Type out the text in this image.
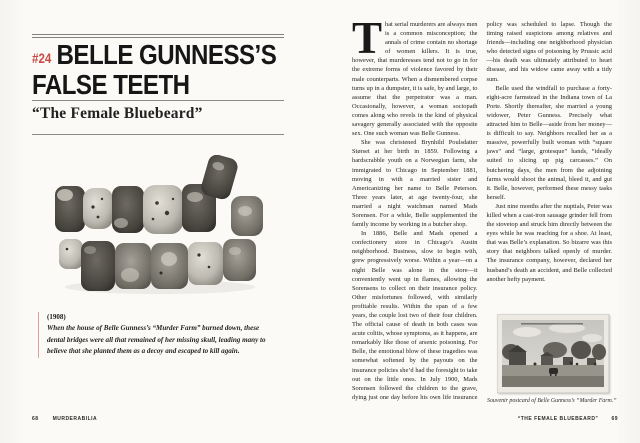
#24 BELLE GUNNESS’S
FALSE TEETH

“The Female Bluebeard”

(1908)
When the house of Belle Gunness’s “Murder Farm” burned down, these dental bridges were all that remained of her missing skull, leading many to believe that she planted them as a decoy and escaped to kill again.
68	MURDERABILIA

That serial murderers are always men is a common misconception; the annals of crime contain no shortage of women killers. It is true, however, that murderesses tend not to go in for the extreme forms of violence favored by their male counterparts. When a dismembered corpse turns up in a dumpster, it is safe, by and large, to assume that the perpetrator was a man. Occasionally, however, a woman sociopath comes along who revels in the kind of physical savagery generally associated with the opposite sex. One such woman was Belle Gunness.

She was christened Brynhild Poulsdatter Størset at her birth in 1859. Following a hardscrabble youth on a Norwegian farm, she immigrated to Chicago in September 1881, moving in with a married sister and Americanizing her name to Belle Peterson. Three years later, at age twenty-four, she married a night watchman named Mads Sorensen. For a while, Belle supplemented the family income by working in a butcher shop.

In 1886, Belle and Mads opened a confectionery store in Chicago’s Austin neighborhood. Business, slow to begin with, grew progressively worse. Within a year—on a night Belle was alone in the store—it conveniently went up in flames, allowing the Sorensens to collect on their insurance policy. Other misfortunes followed, with similarly profitable results. Within the span of a few years, the couple lost two of their four children. The official cause of death in both cases was acute colitis, whose symptoms, as it happens, are remarkably like those of arsenic poisoning. For Belle, the emotional blow of these tragedies was somewhat softened by the payouts on the insurance policies she’d had the foresight to take out on the little ones. In July 1900, Mads Sorensen followed the children to the grave, dying just one day before his own life insurance policy was scheduled to lapse. Though the timing raised suspicions among relatives and friends—including one neighborhood physician who detected signs of poisoning by Prussic acid—his death was ultimately attributed to heart disease, and his widow came away with a tidy sum.

Belle used the windfall to purchase a forty-eight-acre farmstead in the Indiana town of La Porte. Shortly thereafter, she married a young widower, Peter Gunness. Precisely what attracted him to Belle—aside from her money—is difficult to say. Neighbors recalled her as a massive, powerfully built woman with “square jaws” and “large, grotesque” hands, “ideally suited to slicing up pig carcasses.” On butchering days, the men from the adjoining farms would shoot the animal, bleed it, and gut it. Belle, however, performed these messy tasks herself.

Just nine months after the nuptials, Peter was killed when a cast-iron sausage grinder fell from the stovetop and struck him directly between the eyes while he was reaching for a shoe. At least, that was Belle’s explanation. So bizarre was this story that neighbors talked openly of murder. The insurance company, however, declared her husband’s death an accident, and Belle collected another hefty payment.

Souvenir postcard of Belle Gunness’s “Murder Farm.”
“THE FEMALE BLUEBEARD”	69
